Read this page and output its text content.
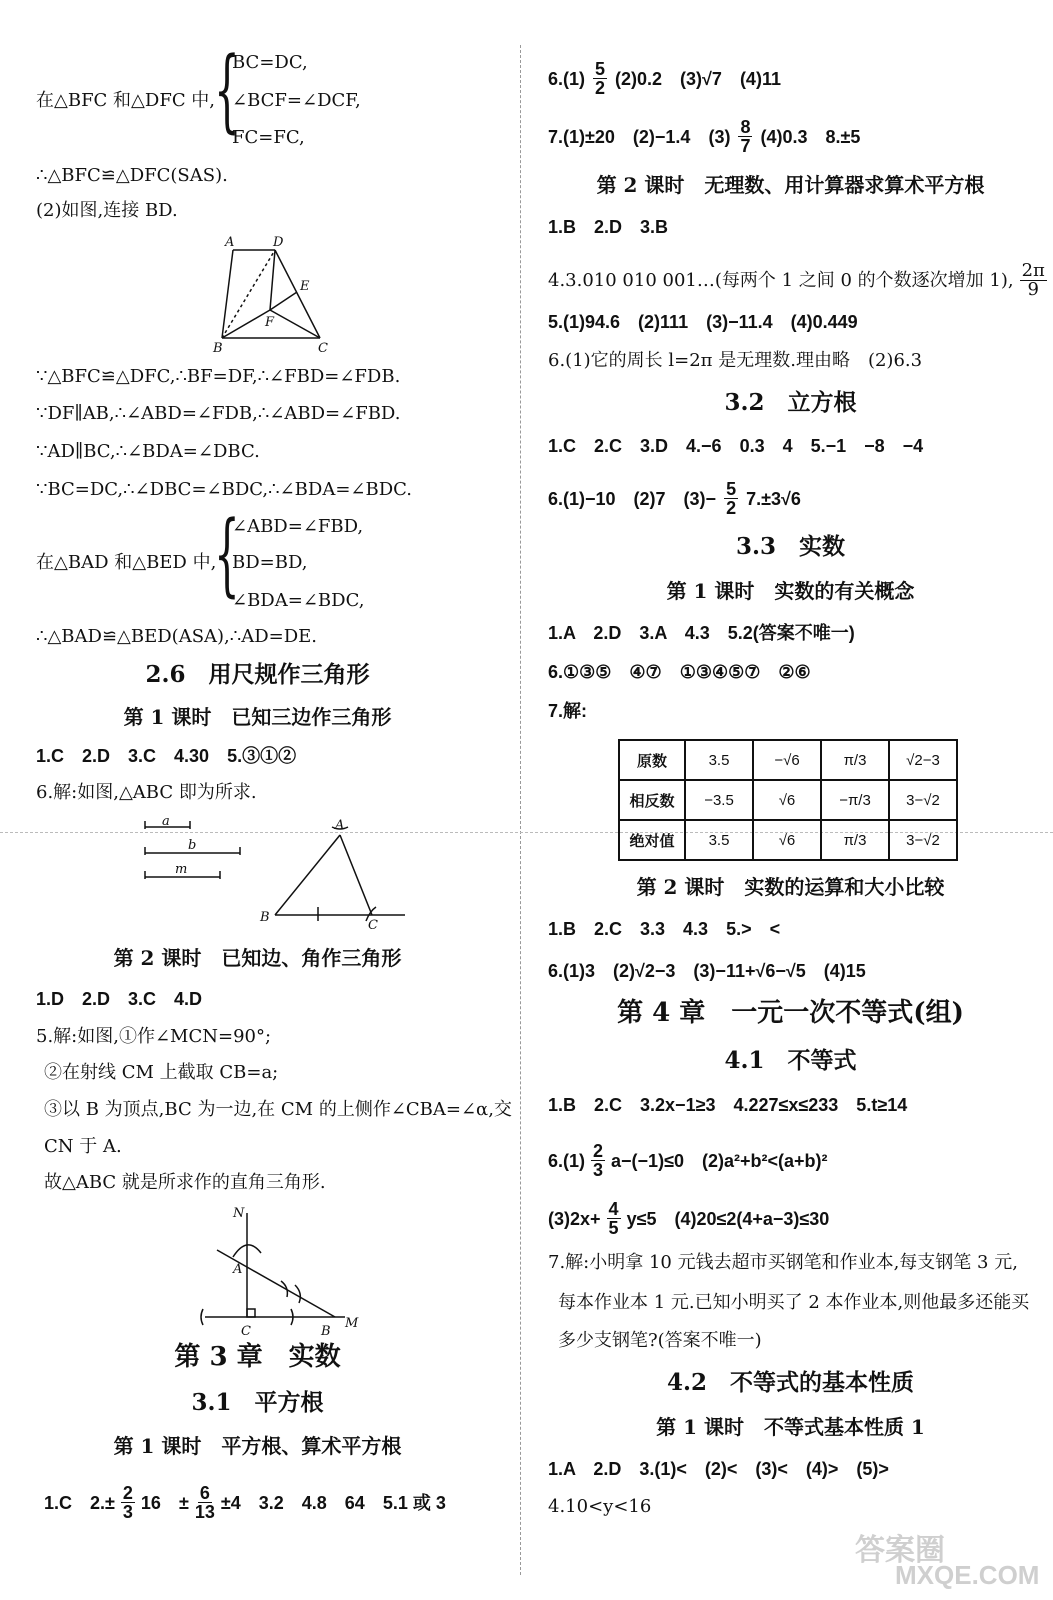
BC=DC,
在△BFC 和△DFC 中,
{
∠BCF=∠DCF,
FC=FC,
∴△BFC≌△DFC(SAS).
(2)如图,连接 BD.
A	D
E
F
B	C
∵△BFC≌△DFC,∴BF=DF,∴∠FBD=∠FDB.
∵DF∥AB,∴∠ABD=∠FDB,∴∠ABD=∠FBD.
∵AD∥BC,∴∠BDA=∠DBC.
∵BC=DC,∴∠DBC=∠BDC,∴∠BDA=∠BDC.
∠ABD=∠FBD,
{
在△BAD 和△BED 中, BD=BD,
∠BDA=∠BDC,
∴△BAD≌△BED(ASA),∴AD=DE.
2.6　用尺规作三角形
第 1 课时　已知三边作三角形
1.C　2.D　3.C　4.30　5.③①②
6.解:如图,△ABC 即为所求.
a
b
m
A
B
C
第 2 课时　已知边、角作三角形
1.D　2.D　3.C　4.D
5.解:如图,①作∠MCN=90°;
②在射线 CM 上截取 CB=a;
③以 B 为顶点,BC 为一边,在 CM 的上侧作∠CBA=∠α,交
CN 于 A.
故△ABC 就是所求作的直角三角形.
N
A
C	B
M
第 3 章　实数
3.1　平方根
第 1 课时　平方根、算术平方根
1.C　$2.\pm \frac{2}{3} 16$　± $\frac{6}{13} \pm 4$　3.2　4.8　64　5.1 或 3
$6.(1) \frac{5}{2} (2)0.2$　(3)√7　(4)11
7.(1)±20　(2)−1.4　$(3) \frac{8}{7} (4)0.3$　8.±5
第 2 课时　无理数、用计算器求算术平方根
1.B　2.D　3.B
4.3.010 010 001…(每两个 1 之间 0 的个数逐次增加 1), $\frac{2\pi}{9}$
5.(1)94.6　(2)111　(3)−11.4　(4)0.449
6.(1)它的周长 l=2π 是无理数.理由略　(2)6.3
3.2　立方根
1.C　2.C　3.D　4.−6　0.3　4　5.−1　−8　−4
6.(1)−10　(2)7　$(3)- \frac{5}{2} 7.\pm 3√6$
3.3　实数
第 1 课时　实数的有关概念
1.A　2.D　3.A　4.3　5.2(答案不唯一)
6.①③⑤　④⑦　①③④⑤⑦　②⑥
7.解:
原数	3.5	−√6	π/3	√2−3
相反数	−3.5	√6	−π/3	3−√2
绝对值	3.5	√6	π/3	3−√2
第 2 课时　实数的运算和大小比较
1.B　2.C　3.3　4.3　5.>　<
6.(1)3　(2)√2−3　(3)−11+√6−√5　(4)15
第 4 章　一元一次不等式(组)
4.1　不等式
1.B　2.C　3.2x−1≥3　4.227≤x≤233　5.t≥14
$6.(1) \frac{2}{3} a-(-1)\le 0$　(2)a²+b²<(a+b)²
$(3)2x+ \frac{4}{5} y\le 5$　(4)20≤2(4+a−3)≤30
7.解:小明拿 10 元钱去超市买钢笔和作业本,每支钢笔 3 元,
每本作业本 1 元.已知小明买了 2 本作业本,则他最多还能买
多少支钢笔?(答案不唯一)
4.2　不等式的基本性质
第 1 课时　不等式基本性质 1
1.A　2.D　3.(1)<　(2)<　(3)<　(4)>　(5)>
4.10<y<16
答案圈
MXQE.COM
